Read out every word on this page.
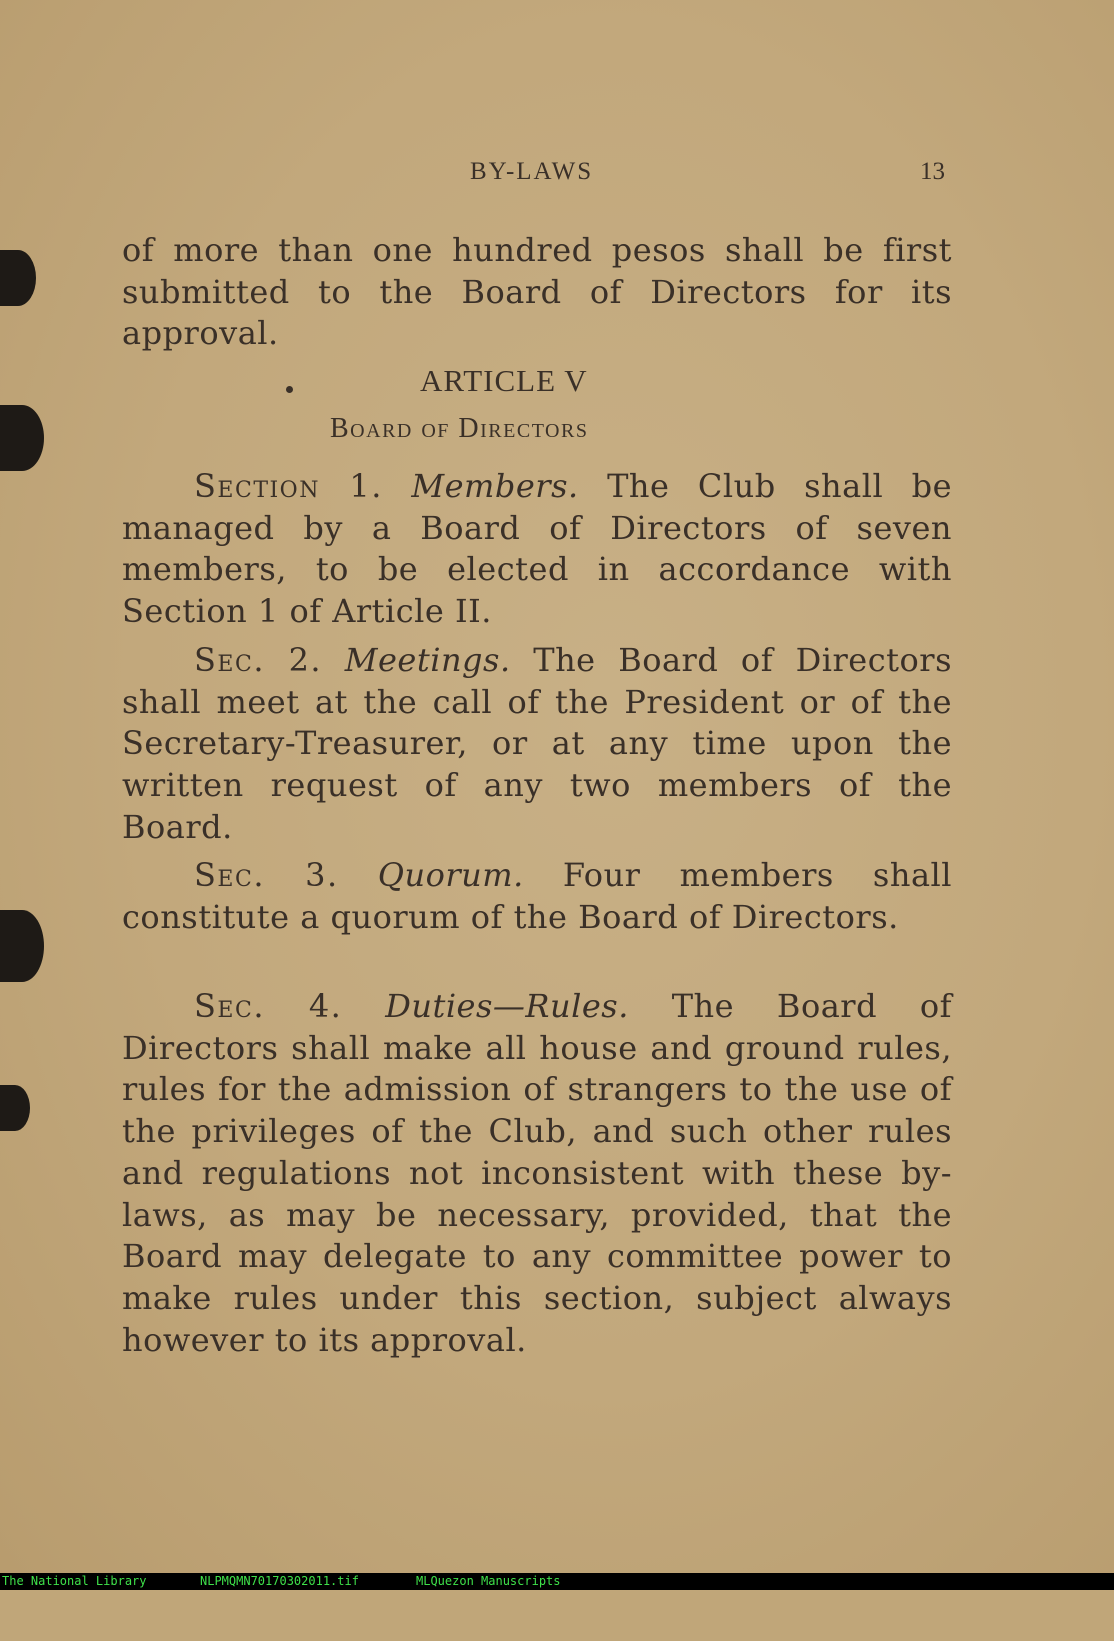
BY-LAWS	13
of more than one hundred pesos shall be first submitted to the Board of Directors for its approval.
ARTICLE V
Board of Directors
Section 1. Members. The Club shall be managed by a Board of Directors of seven members, to be elected in accordance with Section 1 of Article II.
Sec. 2. Meetings. The Board of Directors shall meet at the call of the President or of the Secretary-Treasurer, or at any time upon the written request of any two members of the Board.
Sec. 3. Quorum. Four members shall constitute a quorum of the Board of Directors.
Sec. 4. Duties—Rules. The Board of Directors shall make all house and ground rules, rules for the admission of strangers to the use of the privileges of the Club, and such other rules and regulations not inconsistent with these by-laws, as may be necessary, provided, that the Board may delegate to any committee power to make rules under this section, subject always however to its approval.

The National Library

	NLPMQMN70170302011.tif

	MLQuezon Manuscripts
